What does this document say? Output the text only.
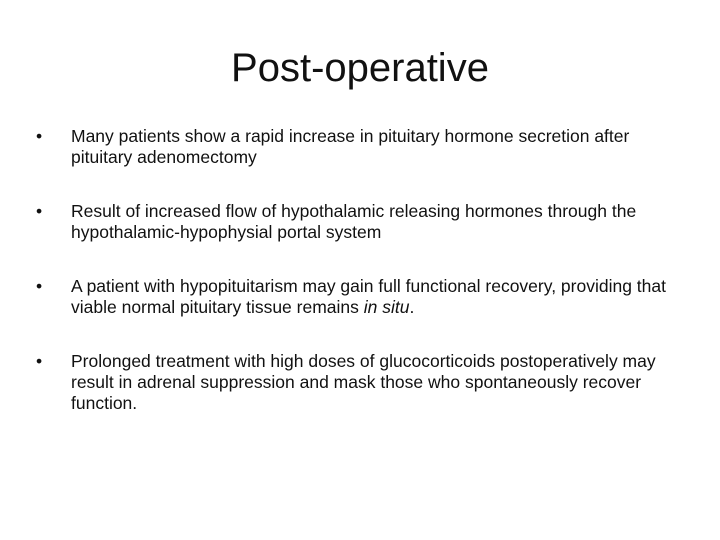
Post-operative
•	Many patients show a rapid increase in pituitary hormone secretion after pituitary adenomectomy
•	Result of increased flow of hypothalamic releasing hormones through the hypothalamic-hypophysial portal system
•	A patient with hypopituitarism may gain full functional recovery, providing that viable normal pituitary tissue remains in situ.
•	Prolonged treatment with high doses of glucocorticoids postoperatively may result in adrenal suppression and mask those who spontaneously recover function.
